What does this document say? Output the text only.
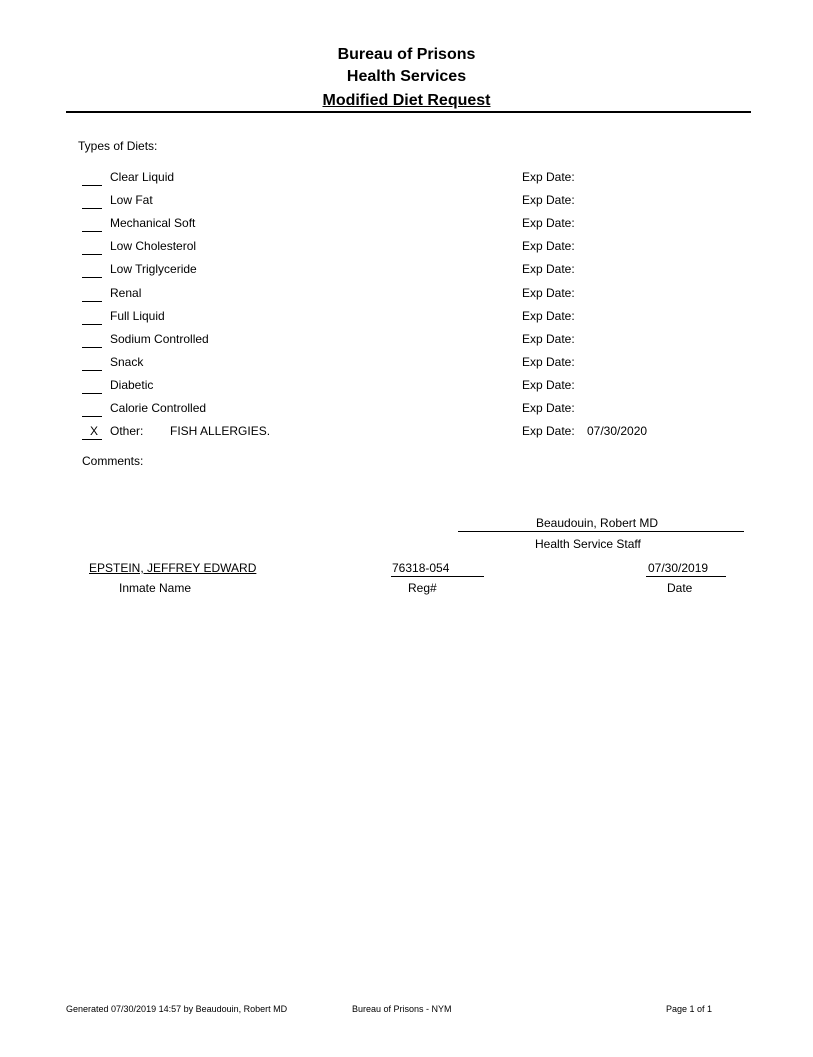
Bureau of Prisons
Health Services
Modified Diet Request
Types of Diets:
Clear Liquid	Exp Date:
Low Fat	Exp Date:
Mechanical Soft	Exp Date:
Low Cholesterol	Exp Date:
Low Triglyceride	Exp Date:
Renal	Exp Date:
Full Liquid	Exp Date:
Sodium Controlled	Exp Date:
Snack	Exp Date:
Diabetic	Exp Date:
Calorie Controlled	Exp Date:
X Other: FISH ALLERGIES.	Exp Date: 07/30/2020
Comments:
Beaudouin, Robert MD
Health Service Staff
EPSTEIN, JEFFREY EDWARD
Inmate Name
76318-054
Reg#
07/30/2019
Date
Generated 07/30/2019 14:57 by Beaudouin, Robert MD	Bureau of Prisons - NYM	Page 1 of 1
